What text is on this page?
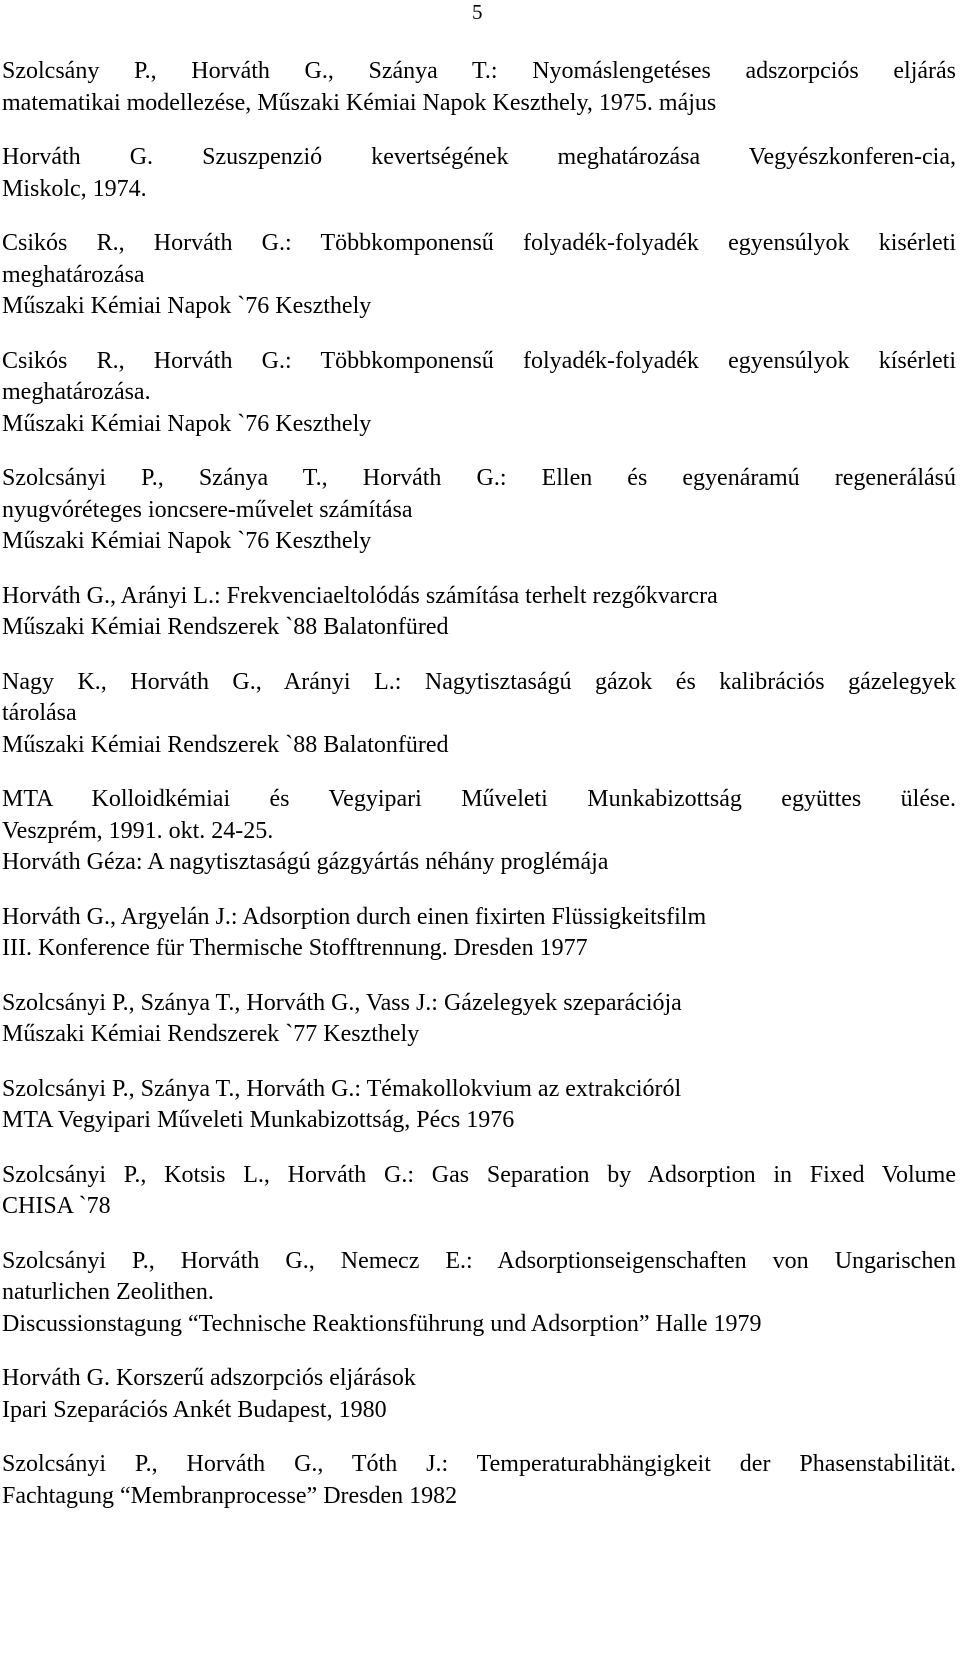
5
Szolcsány P., Horváth G., Szánya T.: Nyomáslengetéses adszorpciós eljárás
matematikai modellezése, Műszaki Kémiai Napok Keszthely, 1975. május
Horváth G. Szuszpenzió kevertségének meghatározása Vegyészkonferen-cia,
Miskolc, 1974.
Csikós R., Horváth G.: Többkomponensű folyadék-folyadék egyensúlyok kisérleti
meghatározása
Műszaki Kémiai Napok `76 Keszthely
Csikós R., Horváth G.: Többkomponensű folyadék-folyadék egyensúlyok kísérleti
meghatározása.
Műszaki Kémiai Napok `76 Keszthely
Szolcsányi P., Szánya T., Horváth G.: Ellen és egyenáramú regenerálású
nyugvóréteges ioncsere-művelet számítása
Műszaki Kémiai Napok `76 Keszthely
Horváth G., Arányi L.: Frekvenciaeltolódás számítása terhelt rezgőkvarcra
Műszaki Kémiai Rendszerek `88 Balatonfüred
Nagy K., Horváth G., Arányi L.: Nagytisztaságú gázok és kalibrációs gázelegyek
tárolása
Műszaki Kémiai Rendszerek `88 Balatonfüred
MTA Kolloidkémiai és Vegyipari Műveleti Munkabizottság együttes ülése.
Veszprém, 1991. okt. 24-25.
Horváth Géza: A nagytisztaságú gázgyártás néhány proglémája
Horváth G., Argyelán J.: Adsorption durch einen fixirten Flüssigkeitsfilm
III. Konference für Thermische Stofftrennung. Dresden 1977
Szolcsányi P., Szánya T., Horváth G., Vass J.: Gázelegyek szeparációja
Műszaki Kémiai Rendszerek `77 Keszthely
Szolcsányi P., Szánya T., Horváth G.: Témakollokvium az extrakcióról
MTA Vegyipari Műveleti Munkabizottság, Pécs 1976
Szolcsányi P., Kotsis L., Horváth G.: Gas Separation by Adsorption in Fixed Volume
CHISA `78
Szolcsányi P., Horváth G., Nemecz E.: Adsorptionseigenschaften von Ungarischen
naturlichen Zeolithen.
Discussionstagung “Technische Reaktionsführung und Adsorption” Halle 1979
Horváth G. Korszerű adszorpciós eljárások
Ipari Szeparációs Ankét Budapest, 1980
Szolcsányi P., Horváth G., Tóth J.: Temperaturabhängigkeit der Phasenstabilität.
Fachtagung “Membranprocesse” Dresden 1982
